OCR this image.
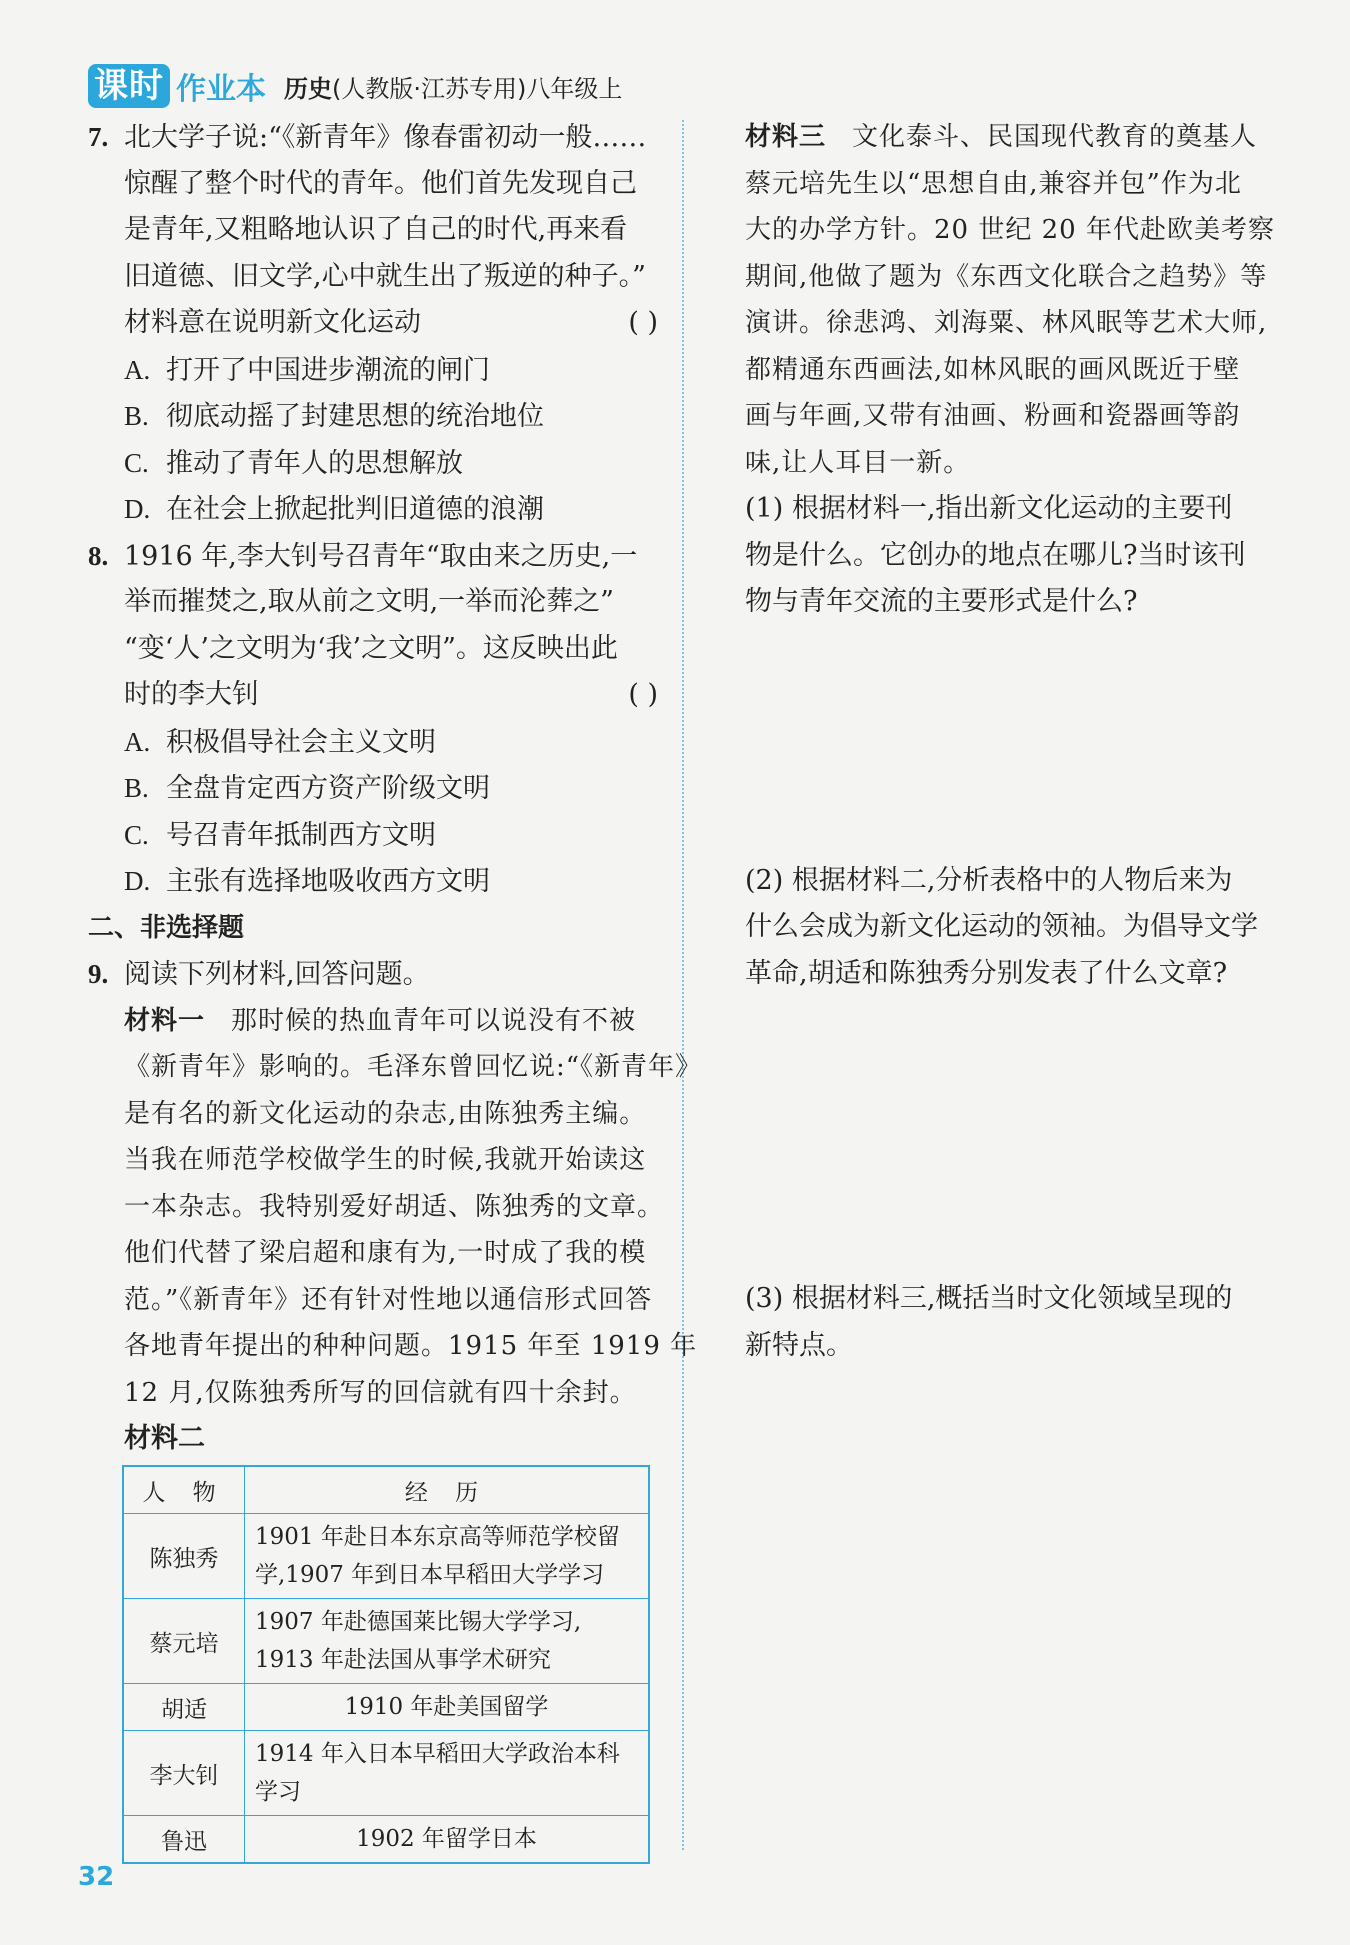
课时 作业本 历史(人教版·江苏专用)八年级上
7. 北大学子说:“《新青年》像春雷初动一般……
惊醒了整个时代的青年。他们首先发现自己
是青年,又粗略地认识了自己的时代,再来看
旧道德、旧文学,心中就生出了叛逆的种子。”
材料意在说明新文化运动	( )
A. 打开了中国进步潮流的闸门
B. 彻底动摇了封建思想的统治地位
C. 推动了青年人的思想解放
D. 在社会上掀起批判旧道德的浪潮
8. 1916 年,李大钊号召青年“取由来之历史,一
举而摧焚之,取从前之文明,一举而沦葬之”
“变‘人’之文明为‘我’之文明”。这反映出此
时的李大钊	( )
A. 积极倡导社会主义文明
B. 全盘肯定西方资产阶级文明
C. 号召青年抵制西方文明
D. 主张有选择地吸收西方文明
二、非选择题
9. 阅读下列材料,回答问题。
材料一 那时候的热血青年可以说没有不被
《新青年》影响的。毛泽东曾回忆说:“《新青年》
是有名的新文化运动的杂志,由陈独秀主编。
当我在师范学校做学生的时候,我就开始读这
一本杂志。我特别爱好胡适、陈独秀的文章。
他们代替了梁启超和康有为,一时成了我的模
范。”《新青年》还有针对性地以通信形式回答
各地青年提出的种种问题。1915 年至 1919 年
12 月,仅陈独秀所写的回信就有四十余封。
材料二
人 物	经 历
陈独秀	1901 年赴日本东京高等师范学校留
学,1907 年到日本早稻田大学学习

蔡元培	1907 年赴德国莱比锡大学学习,
1913 年赴法国从事学术研究

胡适	1910 年赴美国留学

李大钊	1914 年入日本早稻田大学政治本科
学习

鲁迅	1902 年留学日本
材料三 文化泰斗、民国现代教育的奠基人
蔡元培先生以“思想自由,兼容并包”作为北
大的办学方针。20 世纪 20 年代赴欧美考察
期间,他做了题为《东西文化联合之趋势》等
演讲。徐悲鸿、刘海粟、林风眠等艺术大师,
都精通东西画法,如林风眠的画风既近于壁
画与年画,又带有油画、粉画和瓷器画等韵
味,让人耳目一新。
(1) 根据材料一,指出新文化运动的主要刊
物是什么。它创办的地点在哪儿?当时该刊
物与青年交流的主要形式是什么?
(2) 根据材料二,分析表格中的人物后来为
什么会成为新文化运动的领袖。为倡导文学
革命,胡适和陈独秀分别发表了什么文章?
(3) 根据材料三,概括当时文化领域呈现的
新特点。
32
